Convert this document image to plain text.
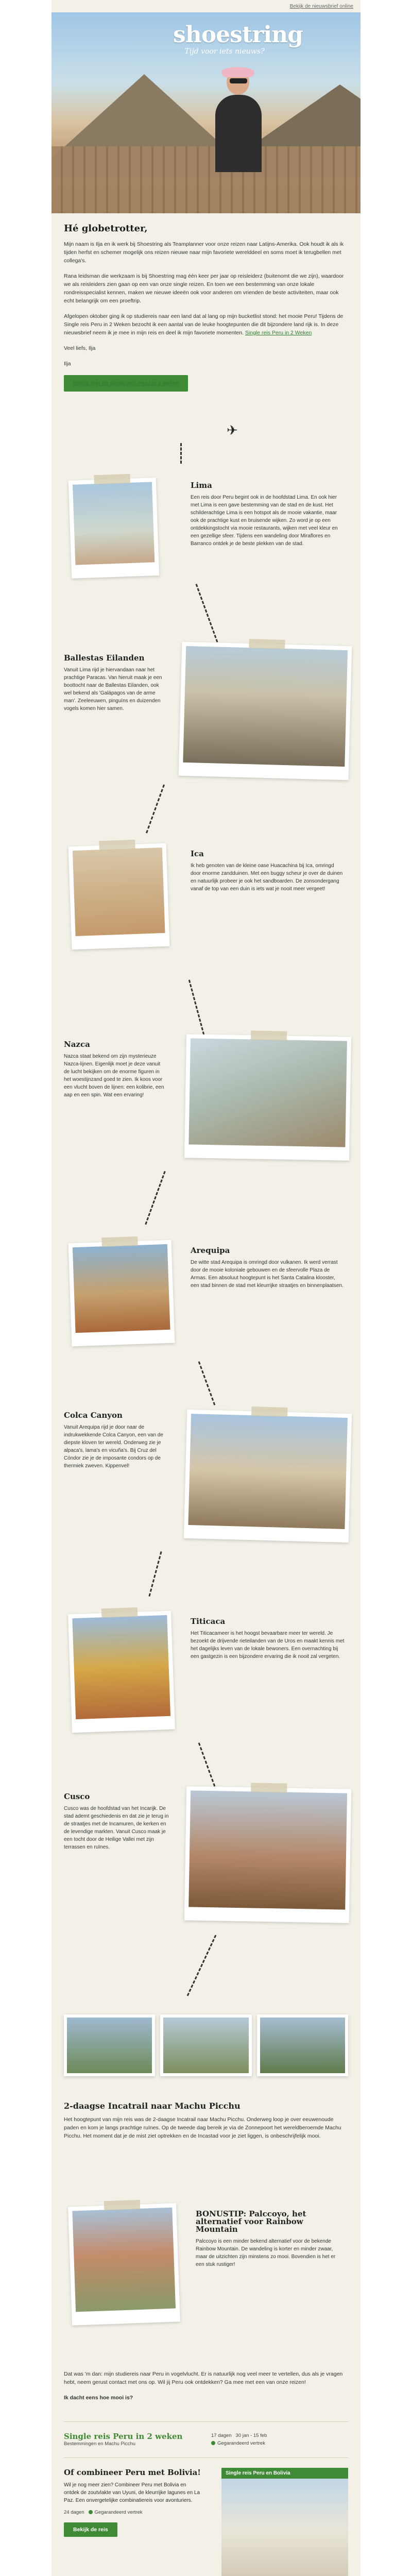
Bekijk de nieuwsbrief online
shoestring
Tijd voor iets nieuws?
Hé globetrotter,

Mijn naam is Ilja en ik werk bij Shoestring als Teamplanner voor onze reizen naar Latijns-Amerika. Ook houdt ik als ik tijden herfst en schemer mogelijk ons reizen nieuwe naar mijn favoriete werelddeel en soms moet ik terugbellen met collega's.

Rana leidsman die werkzaam is bij Shoestring mag één keer per jaar op reisleiderz (buitenomt die we zijn), waardoor we als reisleiders zien gaan op een van onze single reizen. En toen we een bestemming van onze lokale rondreisspecialist kennen, maken we nieuwe ideeën ook voor anderen om vrienden de beste activiteiten, maar ook echt belangrijk om een proeftrip.

Afgelopen oktober ging ik op studiereis naar een land dat al lang op mijn bucketlist stond: het mooie Peru! Tijdens de Single reis Peru in 2 Weken bezocht ik een aantal van de leuke hoogtepunten die dit bijzondere land rijk is. In deze nieuwsbrief neem ik je mee in mijn reis en deel ik mijn favoriete momenten. Single reis Peru in 2 Weken

Veel liefs, Ilja

Ilja

Bekijk hier de single reis Peru in 2 weken
✈
Lima

Een reis door Peru begint ook in de hoofdstad Lima. En ook hier met Lima is een gave bestemming van de stad en de kust. Het schilderachtige Lima is een hotspot als de mooie vakantie, maar ook de prachtige kust en bruisende wijken. Zo word je op een ontdekkingstocht via mooie restaurants, wijken met veel kleur en een gezellige sfeer. Tijdens een wandeling door Miraflores en Barranco ontdek je de beste plekken van de stad.

Ballestas Eilanden

Vanuit Lima rijd je hiervandaan naar het prachtige Paracas. Van hieruit maak je een boottocht naar de Ballestas Eilanden, ook wel bekend als 'Galápagos van de arme man'. Zeeleeuwen, pinguïns en duizenden vogels komen hier samen.

Ica

Ik heb genoten van de kleine oase Huacachina bij Ica, omringd door enorme zandduinen. Met een buggy scheur je over de duinen en natuurlijk probeer je ook het sandboarden. De zonsondergang vanaf de top van een duin is iets wat je nooit meer vergeet!

Nazca

Nazca staat bekend om zijn mysterieuze Nazca-lijnen. Eigenlijk moet je deze vanuit de lucht bekijken om de enorme figuren in het woestijnzand goed te zien. Ik koos voor een vlucht boven de lijnen: een kolibrie, een aap en een spin. Wat een ervaring!

Arequipa

De witte stad Arequipa is omringd door vulkanen. Ik werd verrast door de mooie koloniale gebouwen en de sfeervolle Plaza de Armas. Een absoluut hoogtepunt is het Santa Catalina klooster, een stad binnen de stad met kleurrijke straatjes en binnenplaatsen.

Colca Canyon

Vanuit Arequipa rijd je door naar de indrukwekkende Colca Canyon, een van de diepste kloven ter wereld. Onderweg zie je alpaca's, lama's en vicuña's. Bij Cruz del Cóndor zie je de imposante condors op de thermiek zweven. Kippenvel!

Titicaca

Het Titicacameer is het hoogst bevaarbare meer ter wereld. Je bezoekt de drijvende rieteilanden van de Uros en maakt kennis met het dagelijks leven van de lokale bewoners. Een overnachting bij een gastgezin is een bijzondere ervaring die ik nooit zal vergeten.

Cusco

Cusco was de hoofdstad van het Incarijk. De stad ademt geschiedenis en dat zie je terug in de straatjes met de Incamuren, de kerken en de levendige markten. Vanuit Cusco maak je een tocht door de Heilige Vallei met zijn terrassen en ruïnes.

2-daagse Incatrail naar Machu Picchu

Het hoogtepunt van mijn reis was de 2-daagse Incatrail naar Machu Picchu. Onderweg loop je over eeuwenoude paden en kom je langs prachtige ruïnes. Op de tweede dag bereik je via de Zonnepoort het wereldberoemde Machu Picchu. Het moment dat je de mist ziet optrekken en de Incastad voor je ziet liggen, is onbeschrijfelijk mooi.

BONUSTIP: Palccoyo, het alternatief voor Rainbow Mountain

Palccoyo is een minder bekend alternatief voor de bekende Rainbow Mountain. De wandeling is korter en minder zwaar, maar de uitzichten zijn minstens zo mooi. Bovendien is het er een stuk rustiger!

Dat was 'm dan: mijn studiereis naar Peru in vogelvlucht. Er is natuurlijk nog veel meer te vertellen, dus als je vragen hebt, neem gerust contact met ons op. Wil jij Peru ook ontdekken? Ga mee met een van onze reizen!

Ik dacht eens hoe mooi is?

Single reis Peru in 2 weken
Bestemmingen en Machu Picchu
17 dagen 30 jan - 15 feb
Gegarandeerd vertrek
Of combineer Peru met Bolivia!

Wil je nog meer zien? Combineer Peru met Bolivia en ontdek de zoutvlakte van Uyuni, de kleurrijke lagunes en La Paz. Een onvergetelijke combinatiereis voor avonturiers.

24 dagen Gegarandeerd vertrek
Bekijk de reis
Single reis Peru en Bolivia
